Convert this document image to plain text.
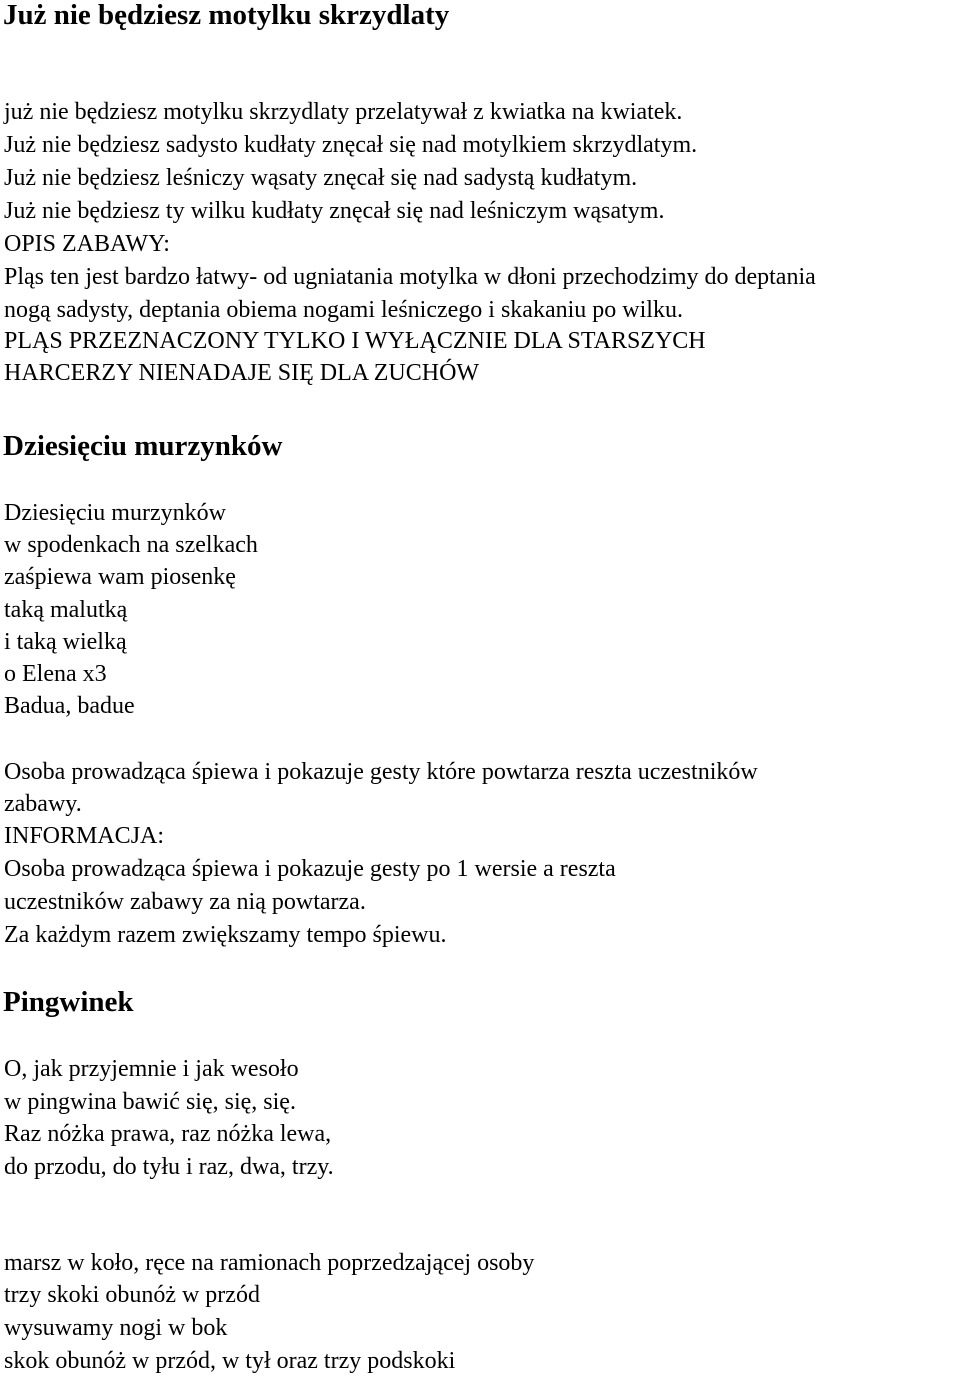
Już nie będziesz motylku skrzydlaty

już nie będziesz motylku skrzydlaty przelatywał z kwiatka na kwiatek.

Już nie będziesz sadysto kudłaty znęcał się nad motylkiem skrzydlatym.

Już nie będziesz leśniczy wąsaty znęcał się nad sadystą kudłatym.

Już nie będziesz ty wilku kudłaty znęcał się nad leśniczym wąsatym.

OPIS ZABAWY:

Pląs ten jest bardzo łatwy- od ugniatania motylka w dłoni przechodzimy do deptania

nogą sadysty, deptania obiema nogami leśniczego i skakaniu po wilku.

PLĄS PRZEZNACZONY TYLKO I WYŁĄCZNIE DLA STARSZYCH

HARCERZY NIENADAJE SIĘ DLA ZUCHÓW

Dziesięciu murzynków

Dziesięciu murzynków

w spodenkach na szelkach

zaśpiewa wam piosenkę

taką malutką

i taką wielką

o Elena x3

Badua, badue

Osoba prowadząca śpiewa i pokazuje gesty które powtarza reszta uczestników

zabawy.

INFORMACJA:

Osoba prowadząca śpiewa i pokazuje gesty po 1 wersie a reszta

uczestników zabawy za nią powtarza.

Za każdym razem zwiększamy tempo śpiewu.

Pingwinek

O, jak przyjemnie i jak wesoło

w pingwina bawić się, się, się.

Raz nóżka prawa, raz nóżka lewa,

do przodu, do tyłu i raz, dwa, trzy.

marsz w koło, ręce na ramionach poprzedzającej osoby

trzy skoki obunóż w przód

wysuwamy nogi w bok

skok obunóż w przód, w tył oraz trzy podskoki
